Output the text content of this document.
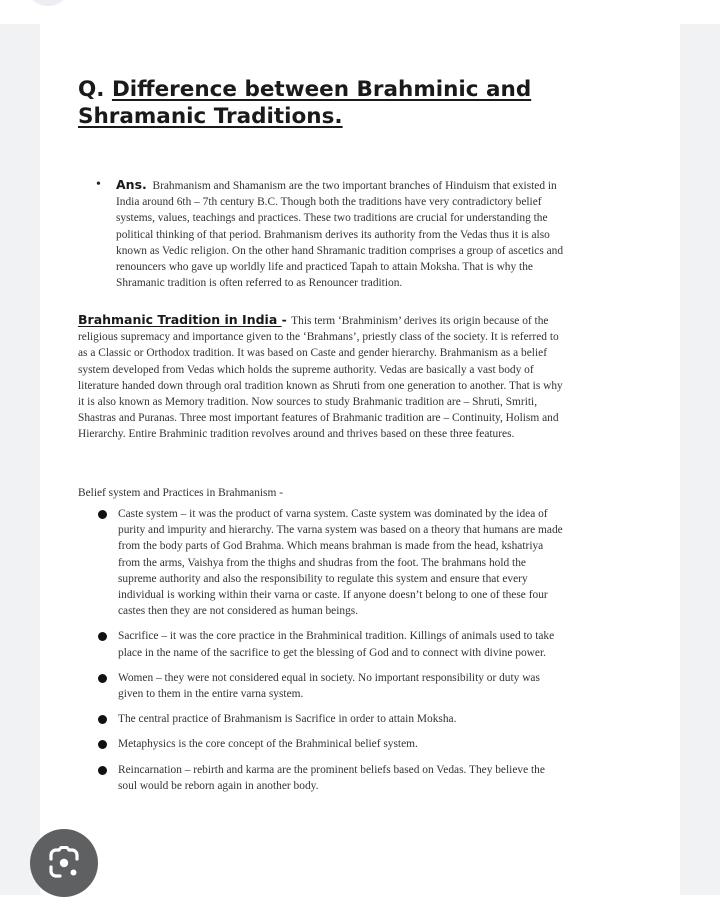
Q. Difference between Brahminic and Shramanic Traditions.
• Ans. Brahmanism and Shamanism are the two important branches of Hinduism that existed in India around 6th – 7th century B.C. Though both the traditions have very contradictory belief systems, values, teachings and practices. These two traditions are crucial for understanding the political thinking of that period. Brahmanism derives its authority from the Vedas thus it is also known as Vedic religion. On the other hand Shramanic tradition comprises a group of ascetics and renouncers who gave up worldly life and practiced Tapah to attain Moksha. That is why the Shramanic tradition is often referred to as Renouncer tradition.
Brahmanic Tradition in India - This term ‘Brahminism’ derives its origin because of the religious supremacy and importance given to the ‘Brahmans’, priestly class of the society. It is referred to as a Classic or Orthodox tradition. It was based on Caste and gender hierarchy. Brahmanism as a belief system developed from Vedas which holds the supreme authority. Vedas are basically a vast body of literature handed down through oral tradition known as Shruti from one generation to another. That is why it is also known as Memory tradition. Now sources to study Brahmanic tradition are – Shruti, Smriti, Shastras and Puranas. Three most important features of Brahmanic tradition are – Continuity, Holism and Hierarchy. Entire Brahminic tradition revolves around and thrives based on these three features.
Belief system and Practices in Brahmanism -
Caste system – it was the product of varna system. Caste system was dominated by the idea of purity and impurity and hierarchy. The varna system was based on a theory that humans are made from the body parts of God Brahma. Which means brahman is made from the head, kshatriya from the arms, Vaishya from the thighs and shudras from the foot. The brahmans hold the supreme authority and also the responsibility to regulate this system and ensure that every individual is working within their varna or caste. If anyone doesn’t belong to one of these four castes then they are not considered as human beings.
Sacrifice – it was the core practice in the Brahminical tradition. Killings of animals used to take place in the name of the sacrifice to get the blessing of God and to connect with divine power.
Women – they were not considered equal in society. No important responsibility or duty was given to them in the entire varna system.
The central practice of Brahmanism is Sacrifice in order to attain Moksha.
Metaphysics is the core concept of the Brahminical belief system.
Reincarnation – rebirth and karma are the prominent beliefs based on Vedas. They believe the soul would be reborn again in another body.
